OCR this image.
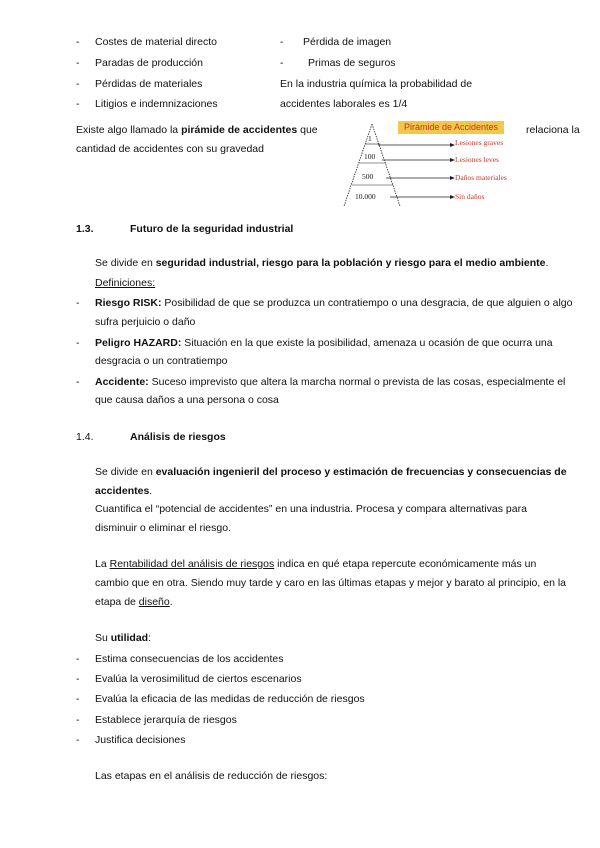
- Costes de material directo	- Pérdida de imagen
- Paradas de producción	- Primas de seguros
- Pérdidas de materiales	En la industria química la probabilidad de
- Litigios e indemnizaciones	accidentes laborales es 1/4
Existe algo llamado la pirámide de accidentes que	relaciona la
cantidad de accidentes con su gravedad
Pirámide de Accidentes
1
100
500
10.000
Lesiones graves
Lesiones leves
Daños materiales
Sin daños
1.3.	Futuro de la seguridad industrial
Se divide en seguridad industrial, riesgo para la población y riesgo para el medio ambiente.
Definiciones:
- Riesgo RISK: Posibilidad de que se produzca un contratiempo o una desgracia, de que alguien o algo
sufra perjuicio o daño
- Peligro HAZARD: Situación en la que existe la posibilidad, amenaza u ocasión de que ocurra una
desgracia o un contratiempo
- Accidente: Suceso imprevisto que altera la marcha normal o prevista de las cosas, especialmente el
que causa daños a una persona o cosa
1.4.	Análisis de riesgos
Se divide en evaluación ingenieril del proceso y estimación de frecuencias y consecuencias de
accidentes.
Cuantifica el “potencial de accidentes” en una industria. Procesa y compara alternativas para
disminuir o eliminar el riesgo.
La Rentabilidad del análisis de riesgos indica en qué etapa repercute económicamente más un
cambio que en otra. Siendo muy tarde y caro en las últimas etapas y mejor y barato al principio, en la
etapa de diseño.
Su utilidad:
- Estima consecuencias de los accidentes
- Evalúa la verosimilitud de ciertos escenarios
- Evalúa la eficacia de las medidas de reducción de riesgos
- Establece jerarquía de riesgos
- Justifica decisiones
Las etapas en el análisis de reducción de riesgos:
